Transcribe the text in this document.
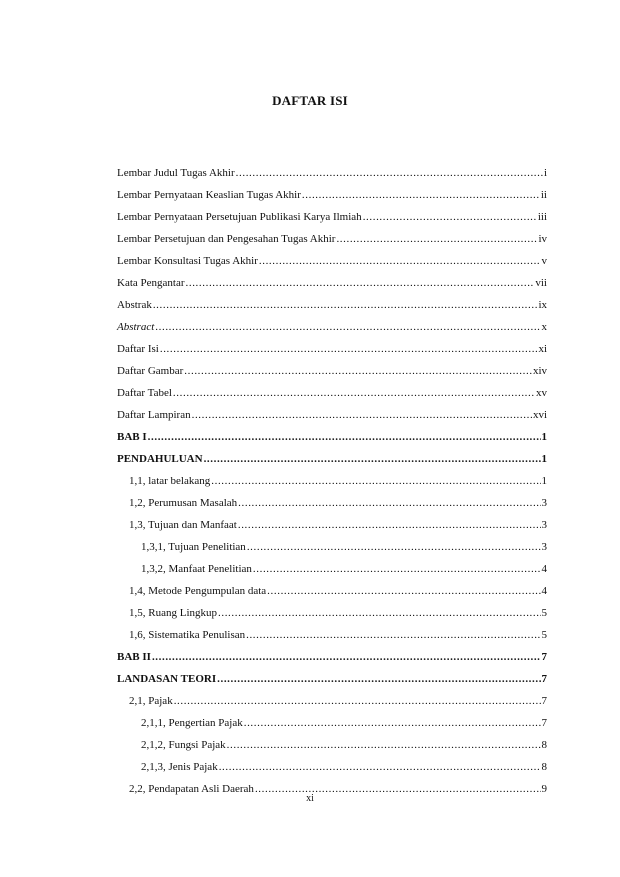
DAFTAR ISI
Lembar Judul Tugas Akhir .....	i
Lembar Pernyataan Keaslian Tugas Akhir .....	ii
Lembar Pernyataan Persetujuan Publikasi Karya Ilmiah .....	iii
Lembar Persetujuan dan Pengesahan Tugas Akhir .....	iv
Lembar Konsultasi Tugas Akhir .....	v
Kata Pengantar .....	vii
Abstrak .....	ix
Abstract .....	x
Daftar Isi .....	xi
Daftar Gambar .....	xiv
Daftar Tabel .....	xv
Daftar Lampiran .....	xvi
BAB I .....	1
PENDAHULUAN .....	1
1,1, latar belakang .....	1
1,2, Perumusan Masalah .....	3
1,3, Tujuan dan Manfaat .....	3
1,3,1, Tujuan Penelitian .....	3
1,3,2, Manfaat Penelitian .....	4
1,4, Metode Pengumpulan data .....	4
1,5, Ruang Lingkup .....	5
1,6, Sistematika Penulisan .....	5
BAB II .....	7
LANDASAN TEORI .....	7
2,1, Pajak .....	7
2,1,1, Pengertian Pajak .....	7
2,1,2, Fungsi Pajak .....	8
2,1,3, Jenis Pajak .....	8
2,2, Pendapatan Asli Daerah .....	9
xi
